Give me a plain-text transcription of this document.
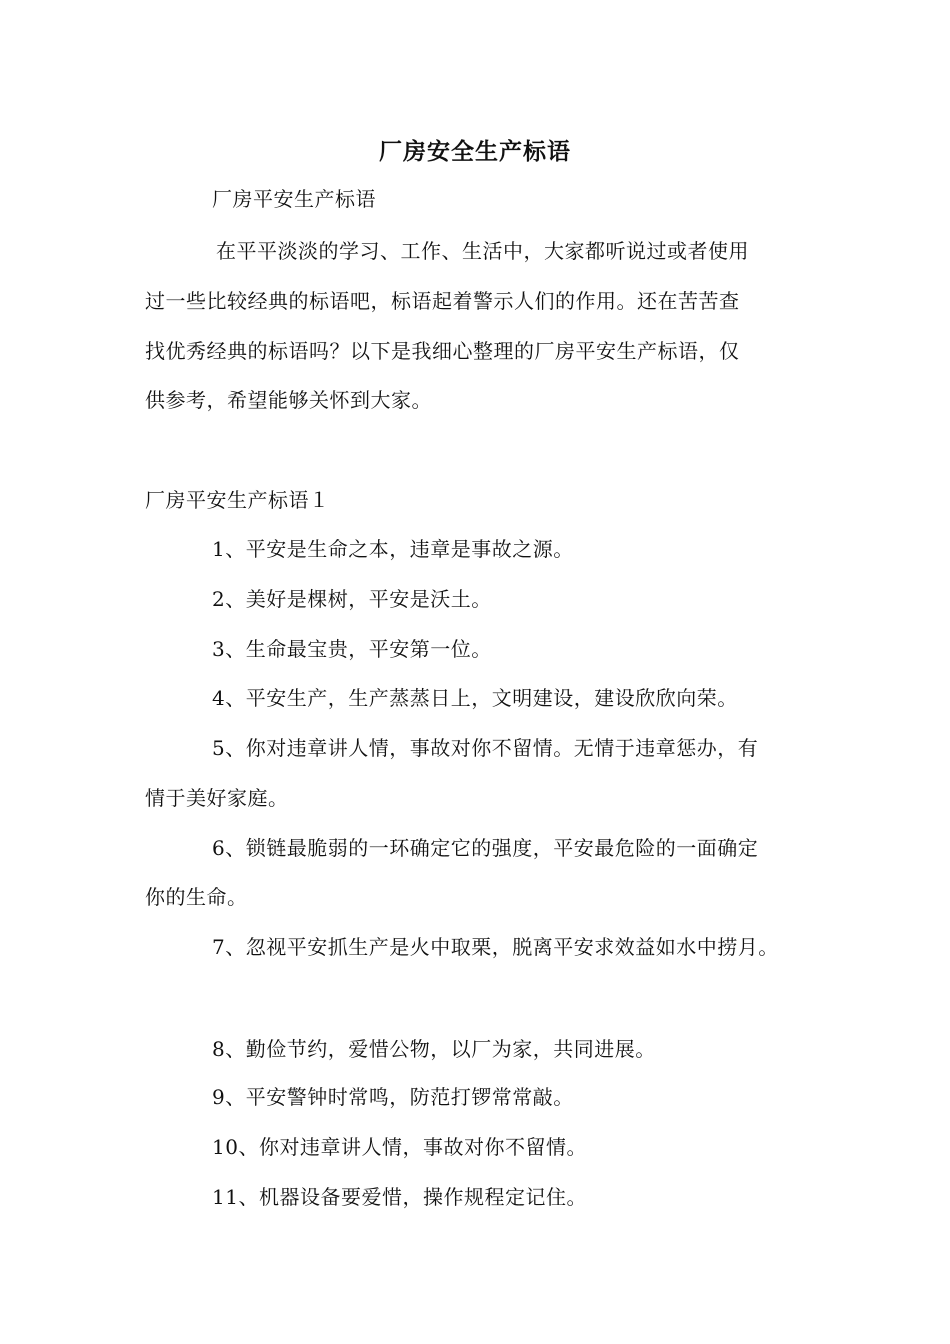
厂房安全生产标语
厂房平安生产标语
在平平淡淡的学习、工作、生活中，大家都听说过或者使用
过一些比较经典的标语吧，标语起着警示人们的作用。还在苦苦查
找优秀经典的标语吗？以下是我细心整理的厂房平安生产标语，仅
供参考，希望能够关怀到大家。
厂房平安生产标语１
1、平安是生命之本，违章是事故之源。
2、美好是棵树，平安是沃土。
3、生命最宝贵，平安第一位。
4、平安生产，生产蒸蒸日上，文明建设，建设欣欣向荣。
5、你对违章讲人情，事故对你不留情。无情于违章惩办，有
情于美好家庭。
6、锁链最脆弱的一环确定它的强度，平安最危险的一面确定
你的生命。
7、忽视平安抓生产是火中取栗，脱离平安求效益如水中捞月。
8、勤俭节约，爱惜公物，以厂为家，共同进展。
9、平安警钟时常鸣，防范打锣常常敲。
10、你对违章讲人情，事故对你不留情。
11、机器设备要爱惜，操作规程定记住。
